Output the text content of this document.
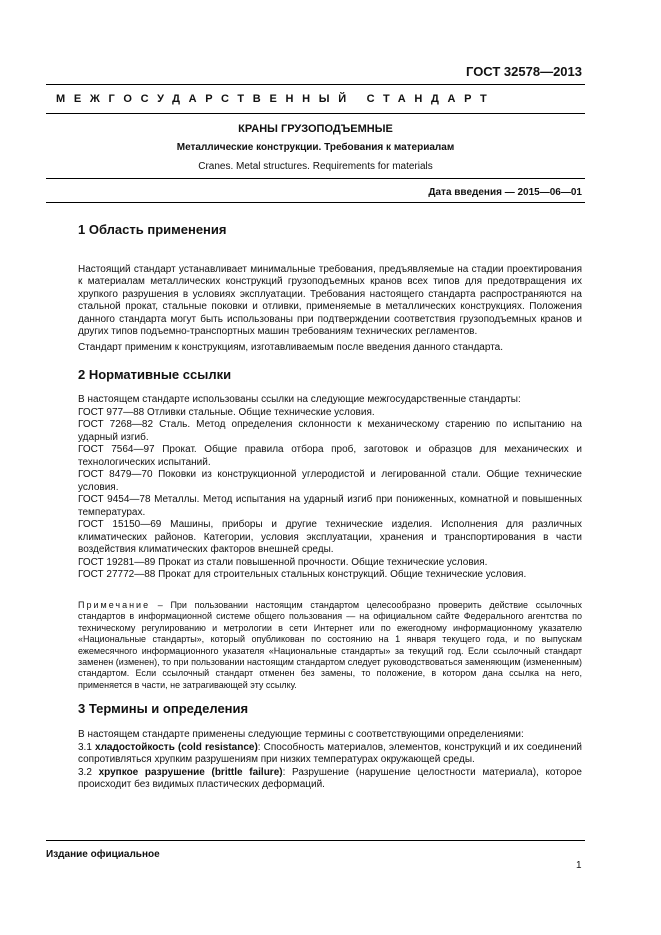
ГОСТ 32578—2013
МЕЖГОСУДАРСТВЕННЫЙ СТАНДАРТ
КРАНЫ ГРУЗОПОДЪЕМНЫЕ
Металлические конструкции. Требования к материалам
Cranes. Metal structures. Requirements for materials
Дата введения — 2015—06—01
1 Область применения

Настоящий стандарт устанавливает минимальные требования, предъявляемые на стадии проектирования к материалам металлических конструкций грузоподъемных кранов всех типов для предотвращения их хрупкого разрушения в условиях эксплуатации. Требования настоящего стандарта распространяются на стальной прокат, стальные поковки и отливки, применяемые в металлических конструкциях. Положения данного стандарта могут быть использованы при подтверждении соответствия грузоподъемных кранов и других типов подъемно-транспортных машин требованиям технических регламентов.

Стандарт применим к конструкциям, изготавливаемым после введения данного стандарта.

2 Нормативные ссылки

В настоящем стандарте использованы ссылки на следующие межгосударственные стандарты:

ГОСТ 977—88 Отливки стальные. Общие технические условия.

ГОСТ 7268—82 Сталь. Метод определения склонности к механическому старению по испытанию на ударный изгиб.

ГОСТ 7564—97 Прокат. Общие правила отбора проб, заготовок и образцов для механических и технологических испытаний.

ГОСТ 8479—70 Поковки из конструкционной углеродистой и легированной стали. Общие технические условия.

ГОСТ 9454—78 Металлы. Метод испытания на ударный изгиб при пониженных, комнатной и повышенных температурах.

ГОСТ 15150—69 Машины, приборы и другие технические изделия. Исполнения для различных климатических районов. Категории, условия эксплуатации, хранения и транспортирования в части воздействия климатических факторов внешней среды.

ГОСТ 19281—89 Прокат из стали повышенной прочности. Общие технические условия.

ГОСТ 27772—88 Прокат для строительных стальных конструкций. Общие технические условия.

Примечание – При пользовании настоящим стандартом целесообразно проверить действие ссылочных стандартов в информационной системе общего пользования — на официальном сайте Федерального агентства по техническому регулированию и метрологии в сети Интернет или по ежегодному информационному указателю «Национальные стандарты», который опубликован по состоянию на 1 января текущего года, и по выпускам ежемесячного информационного указателя «Национальные стандарты» за текущий год. Если ссылочный стандарт заменен (изменен), то при пользовании настоящим стандартом следует руководствоваться заменяющим (измененным) стандартом. Если ссылочный стандарт отменен без замены, то положение, в котором дана ссылка на него, применяется в части, не затрагивающей эту ссылку.
3 Термины и определения

В настоящем стандарте применены следующие термины с соответствующими определениями:

3.1 хладостойкость (cold resistance): Способность материалов, элементов, конструкций и их соединений сопротивляться хрупким разрушениям при низких температурах окружающей среды.

3.2 хрупкое разрушение (brittle failure): Разрушение (нарушение целостности материала), которое происходит без видимых пластических деформаций.

Издание официальное
1
